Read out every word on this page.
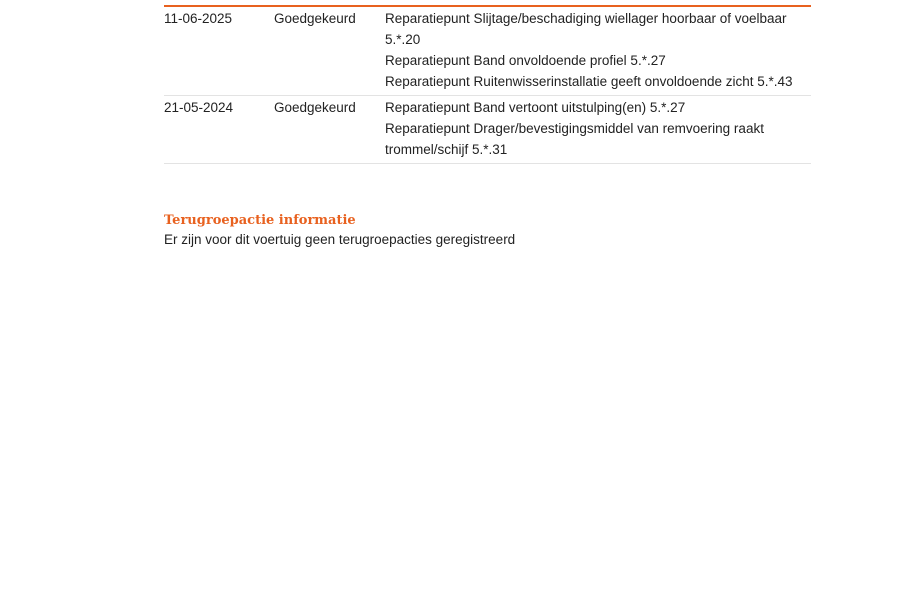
11-06-2025	Goedgekeurd	Reparatiepunt Slijtage/beschadiging wiellager hoorbaar of voelbaar 5.*.20
Reparatiepunt Band onvoldoende profiel 5.*.27
Reparatiepunt Ruitenwisserinstallatie geeft onvoldoende zicht 5.*.43
21-05-2024	Goedgekeurd	Reparatiepunt Band vertoont uitstulping(en) 5.*.27
Reparatiepunt Drager/bevestigingsmiddel van remvoering raakt trommel/schijf 5.*.31
Terugroepactie informatie
Er zijn voor dit voertuig geen terugroepacties geregistreerd
